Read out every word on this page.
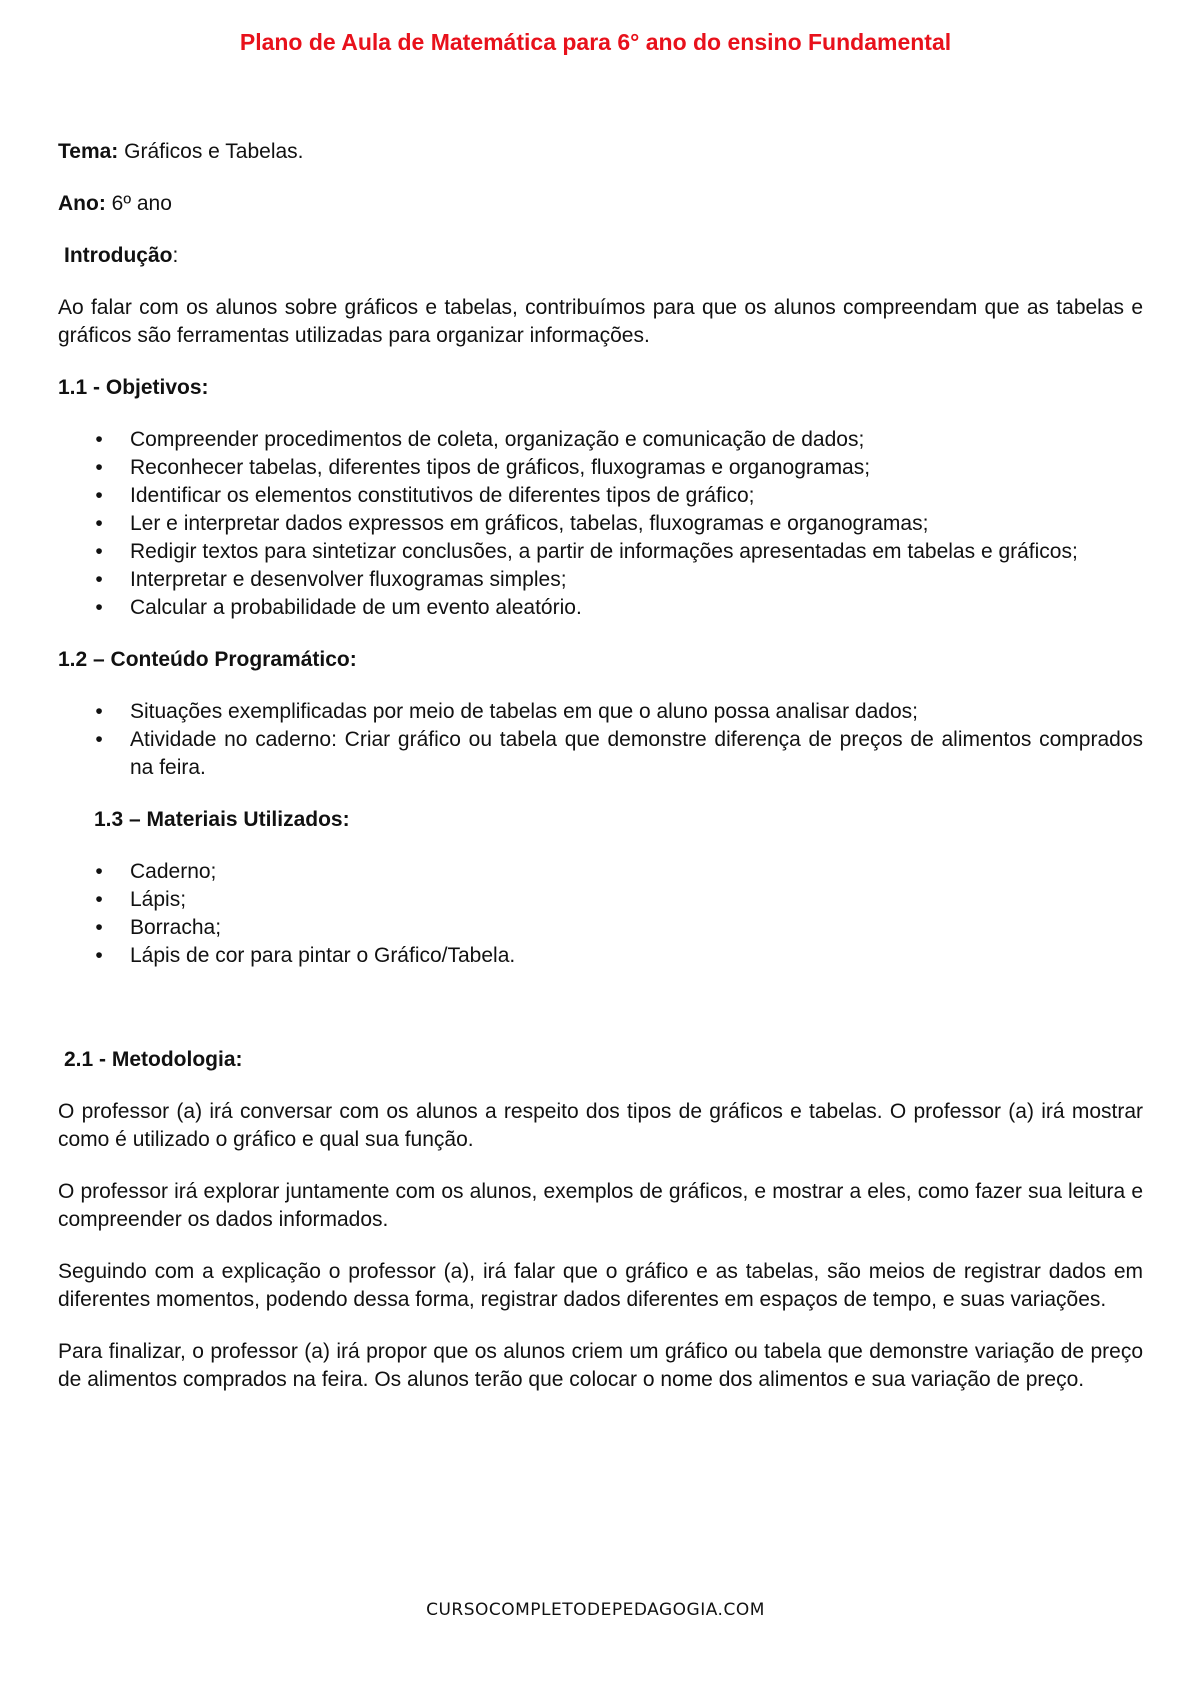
Plano de Aula de Matemática para 6° ano do ensino Fundamental

Tema: Gráficos e Tabelas.

Ano: 6º ano

Introdução:

Ao falar com os alunos sobre gráficos e tabelas, contribuímos para que os alunos compreendam que as tabelas e gráficos são ferramentas utilizadas para organizar informações.

1.1 - Objetivos:

• Compreender procedimentos de coleta, organização e comunicação de dados;
• Reconhecer tabelas, diferentes tipos de gráficos, fluxogramas e organogramas;
• Identificar os elementos constitutivos de diferentes tipos de gráfico;
• Ler e interpretar dados expressos em gráficos, tabelas, fluxogramas e organogramas;
• Redigir textos para sintetizar conclusões, a partir de informações apresentadas em tabelas e gráficos;
• Interpretar e desenvolver fluxogramas simples;
• Calcular a probabilidade de um evento aleatório.

1.2 – Conteúdo Programático:

• Situações exemplificadas por meio de tabelas em que o aluno possa analisar dados;
• Atividade no caderno: Criar gráfico ou tabela que demonstre diferença de preços de alimentos comprados na feira.

1.3 – Materiais Utilizados:

• Caderno;
• Lápis;
• Borracha;
• Lápis de cor para pintar o Gráfico/Tabela.

2.1 - Metodologia:

O professor (a) irá conversar com os alunos a respeito dos tipos de gráficos e tabelas. O professor (a) irá mostrar como é utilizado o gráfico e qual sua função.

O professor irá explorar juntamente com os alunos, exemplos de gráficos, e mostrar a eles, como fazer sua leitura e compreender os dados informados.

Seguindo com a explicação o professor (a), irá falar que o gráfico e as tabelas, são meios de registrar dados em diferentes momentos, podendo dessa forma, registrar dados diferentes em espaços de tempo, e suas variações.

Para finalizar, o professor (a) irá propor que os alunos criem um gráfico ou tabela que demonstre variação de preço de alimentos comprados na feira. Os alunos terão que colocar o nome dos alimentos e sua variação de preço.

CURSOCOMPLETODEPEDAGOGIA.COM
